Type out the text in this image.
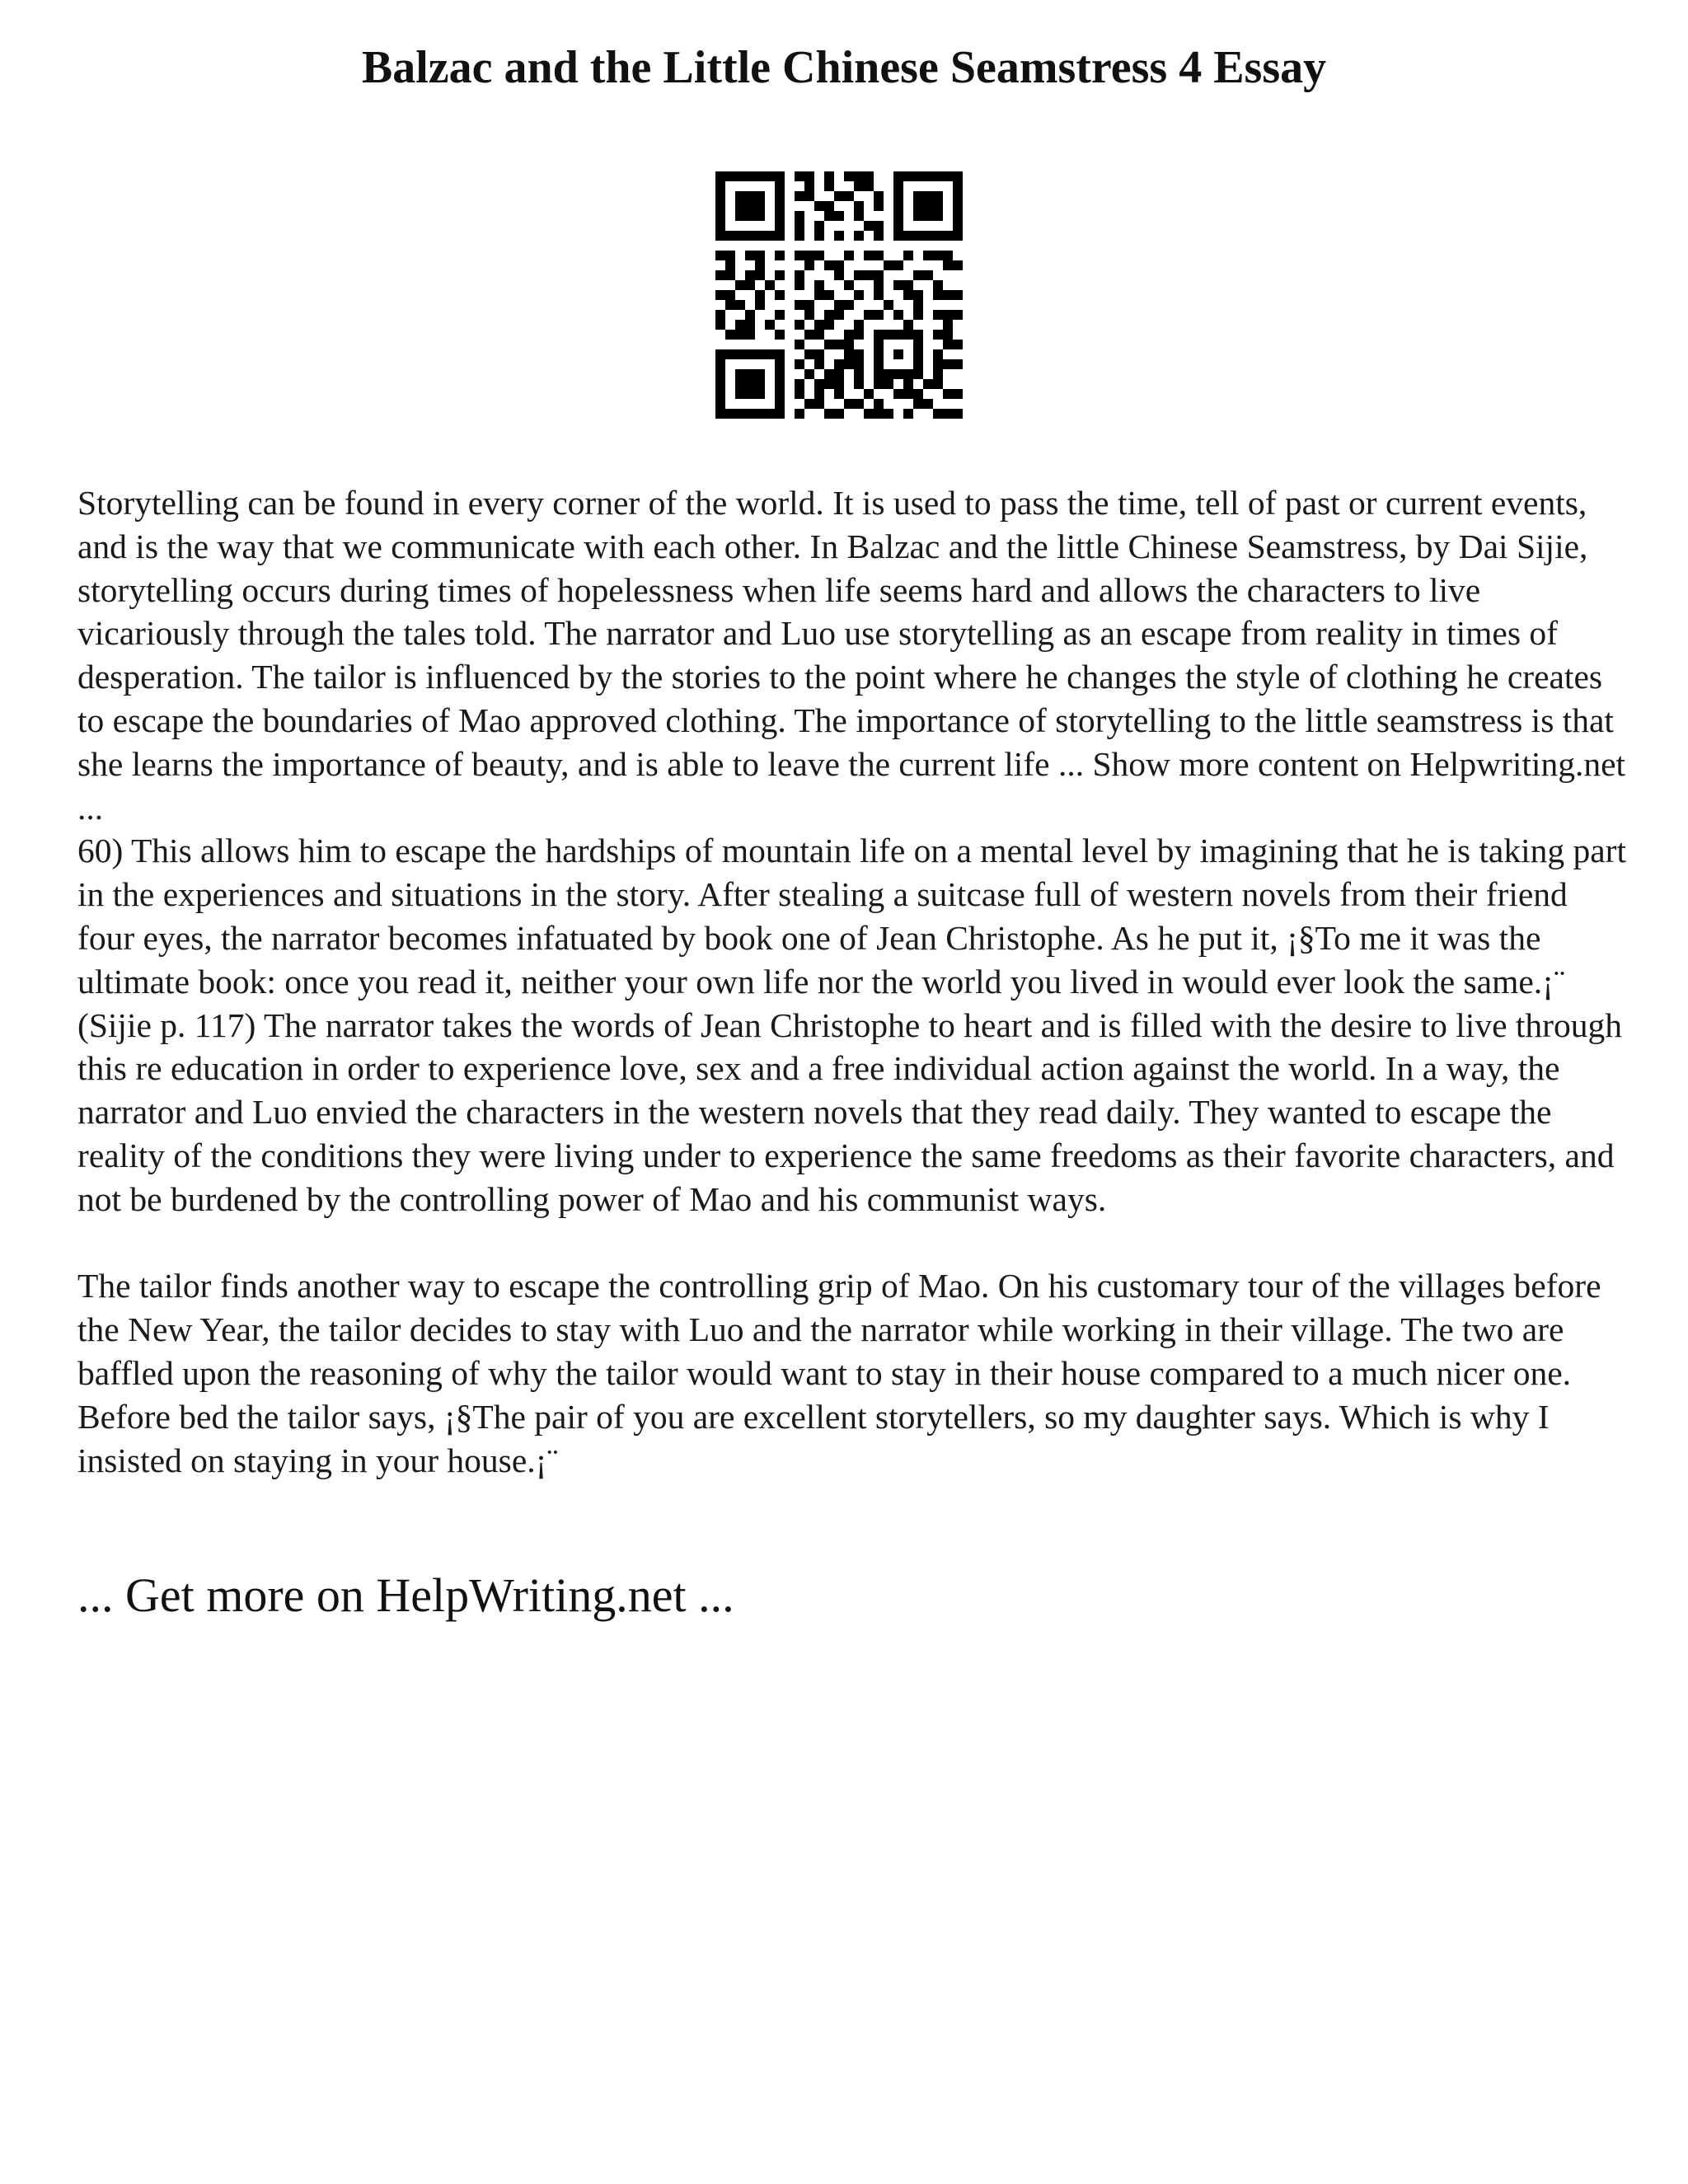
Balzac and the Little Chinese Seamstress 4 Essay

Storytelling can be found in every corner of the world. It is used to pass the time, tell of past or current events, and is the way that we communicate with each other. In Balzac and the little Chinese Seamstress, by Dai Sijie, storytelling occurs during times of hopelessness when life seems hard and allows the characters to live vicariously through the tales told. The narrator and Luo use storytelling as an escape from reality in times of desperation. The tailor is influenced by the stories to the point where he changes the style of clothing he creates to escape the boundaries of Mao approved clothing. The importance of storytelling to the little seamstress is that she learns the importance of beauty, and is able to leave the current life ... Show more content on Helpwriting.net ...

60) This allows him to escape the hardships of mountain life on a mental level by imagining that he is taking part in the experiences and situations in the story. After stealing a suitcase full of western novels from their friend four eyes, the narrator becomes infatuated by book one of Jean Christophe. As he put it, ¡§To me it was the ultimate book: once you read it, neither your own life nor the world you lived in would ever look the same.¡¨ (Sijie p. 117) The narrator takes the words of Jean Christophe to heart and is filled with the desire to live through this re education in order to experience love, sex and a free individual action against the world. In a way, the narrator and Luo envied the characters in the western novels that they read daily. They wanted to escape the reality of the conditions they were living under to experience the same freedoms as their favorite characters, and not be burdened by the controlling power of Mao and his communist ways.

The tailor finds another way to escape the controlling grip of Mao. On his customary tour of the villages before the New Year, the tailor decides to stay with Luo and the narrator while working in their village. The two are baffled upon the reasoning of why the tailor would want to stay in their house compared to a much nicer one. Before bed the tailor says, ¡§The pair of you are excellent storytellers, so my daughter says. Which is why I insisted on staying in your house.¡¨

... Get more on HelpWriting.net ...
